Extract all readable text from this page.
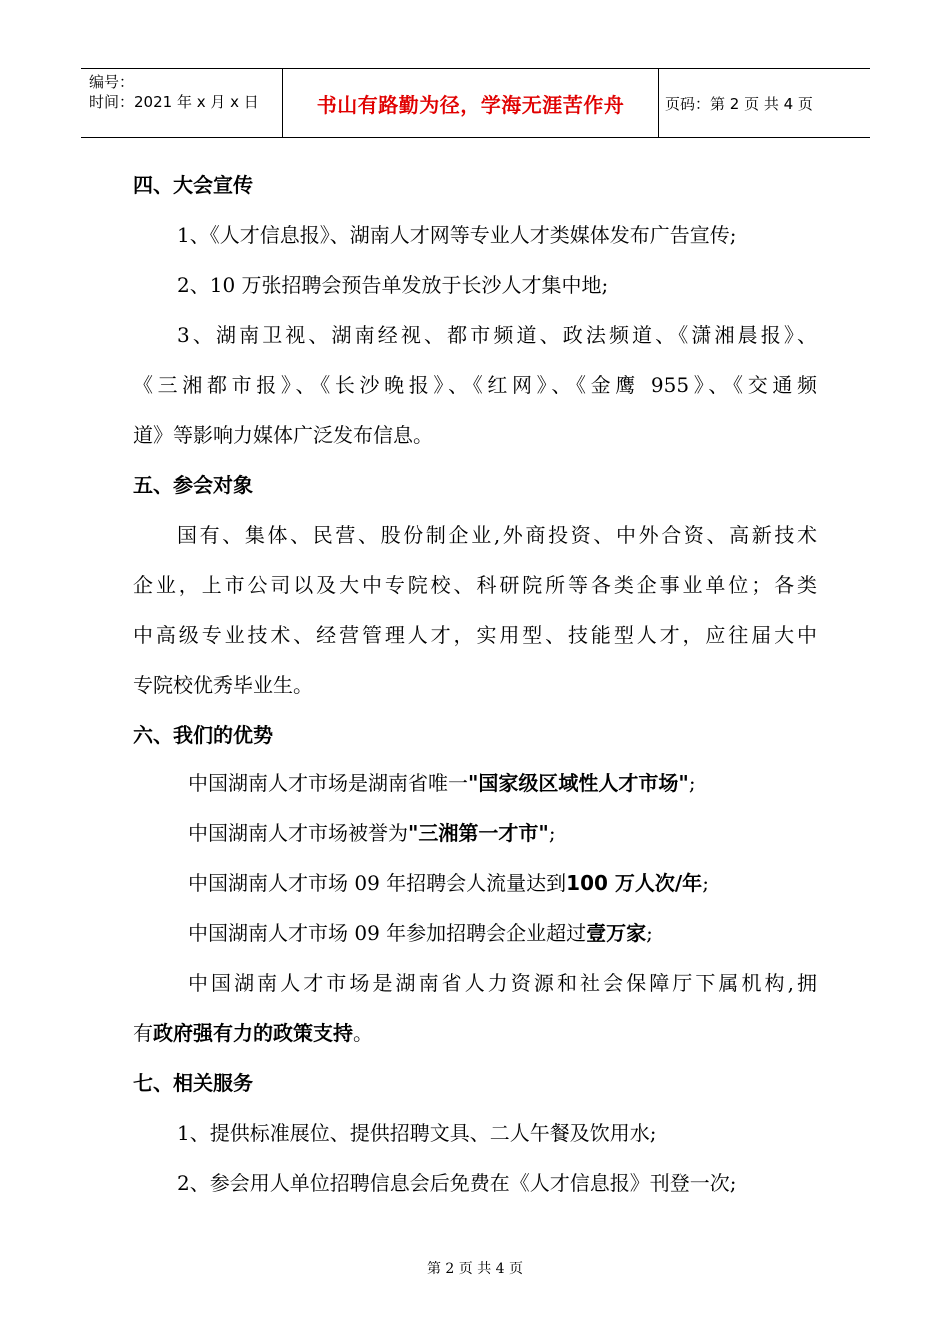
编号：
时间：2021 年 x 月 x 日	书山有路勤为径，学海无涯苦作舟	页码：第 2 页 共 4 页
四、大会宣传
1、《人才信息报》、湖南人才网等专业人才类媒体发布广告宣传;
2、10 万张招聘会预告单发放于长沙人才集中地;
3、湖南卫视、湖南经视、都市频道、政法频道、《潇湘晨报》、
《三湘都市报》、《长沙晚报》、《红网》、《金鹰 955》、《交通频
道》等影响力媒体广泛发布信息。
五、参会对象
国有、集体、民营、股份制企业,外商投资、中外合资、高新技术
企业，上市公司以及大中专院校、科研院所等各类企事业单位；各类
中高级专业技术、经营管理人才，实用型、技能型人才，应往届大中
专院校优秀毕业生。
六、我们的优势
中国湖南人才市场是湖南省唯一"国家级区域性人才市场";
中国湖南人才市场被誉为"三湘第一才市";
中国湖南人才市场 09 年招聘会人流量达到100 万人次/年;
中国湖南人才市场 09 年参加招聘会企业超过壹万家;
中国湖南人才市场是湖南省人力资源和社会保障厅下属机构,拥
有政府强有力的政策支持。
七、相关服务
1、提供标准展位、提供招聘文具、二人午餐及饮用水;
2、参会用人单位招聘信息会后免费在《人才信息报》刊登一次;
第 2 页 共 4 页
